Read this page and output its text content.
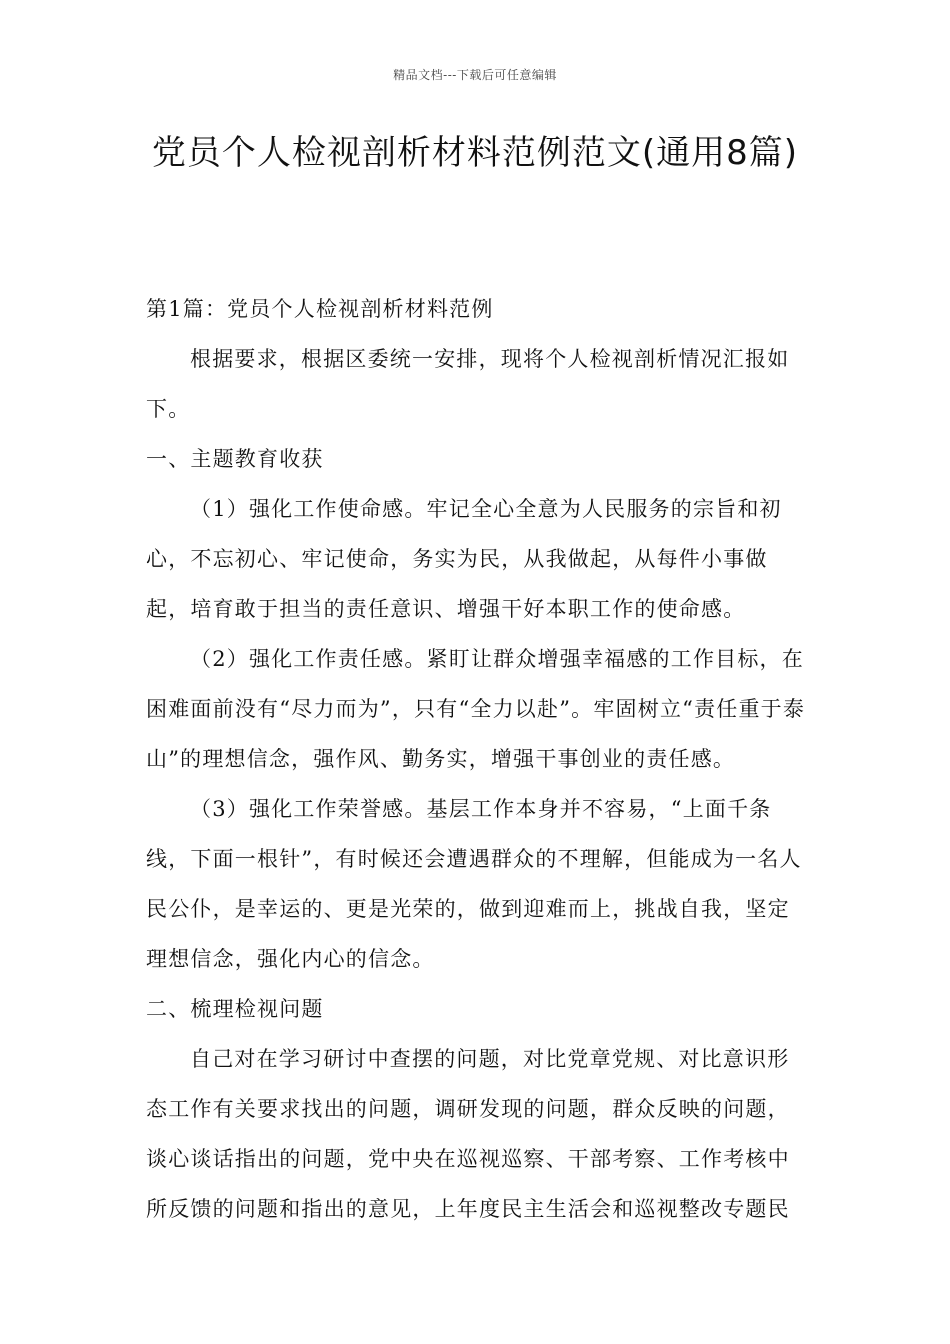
精品文档---下载后可任意编辑
党员个人检视剖析材料范例范文(通用8篇)

第1篇：党员个人检视剖析材料范例

根据要求，根据区委统一安排，现将个人检视剖析情况汇报如下。

一、主题教育收获

（1）强化工作使命感。牢记全心全意为人民服务的宗旨和初心，不忘初心、牢记使命，务实为民，从我做起，从每件小事做起，培育敢于担当的责任意识、增强干好本职工作的使命感。

（2）强化工作责任感。紧盯让群众增强幸福感的工作目标，在困难面前没有“尽力而为”，只有“全力以赴”。牢固树立“责任重于泰山”的理想信念，强作风、勤务实，增强干事创业的责任感。

（3）强化工作荣誉感。基层工作本身并不容易，“上面千条线，下面一根针”，有时候还会遭遇群众的不理解，但能成为一名人民公仆，是幸运的、更是光荣的，做到迎难而上，挑战自我，坚定理想信念，强化内心的信念。

二、梳理检视问题

自己对在学习研讨中查摆的问题，对比党章党规、对比意识形态工作有关要求找出的问题，调研发现的问题，群众反映的问题，谈心谈话指出的问题，党中央在巡视巡察、干部考察、工作考核中所反馈的问题和指出的意见，上年度民主生活会和巡视整改专题民
